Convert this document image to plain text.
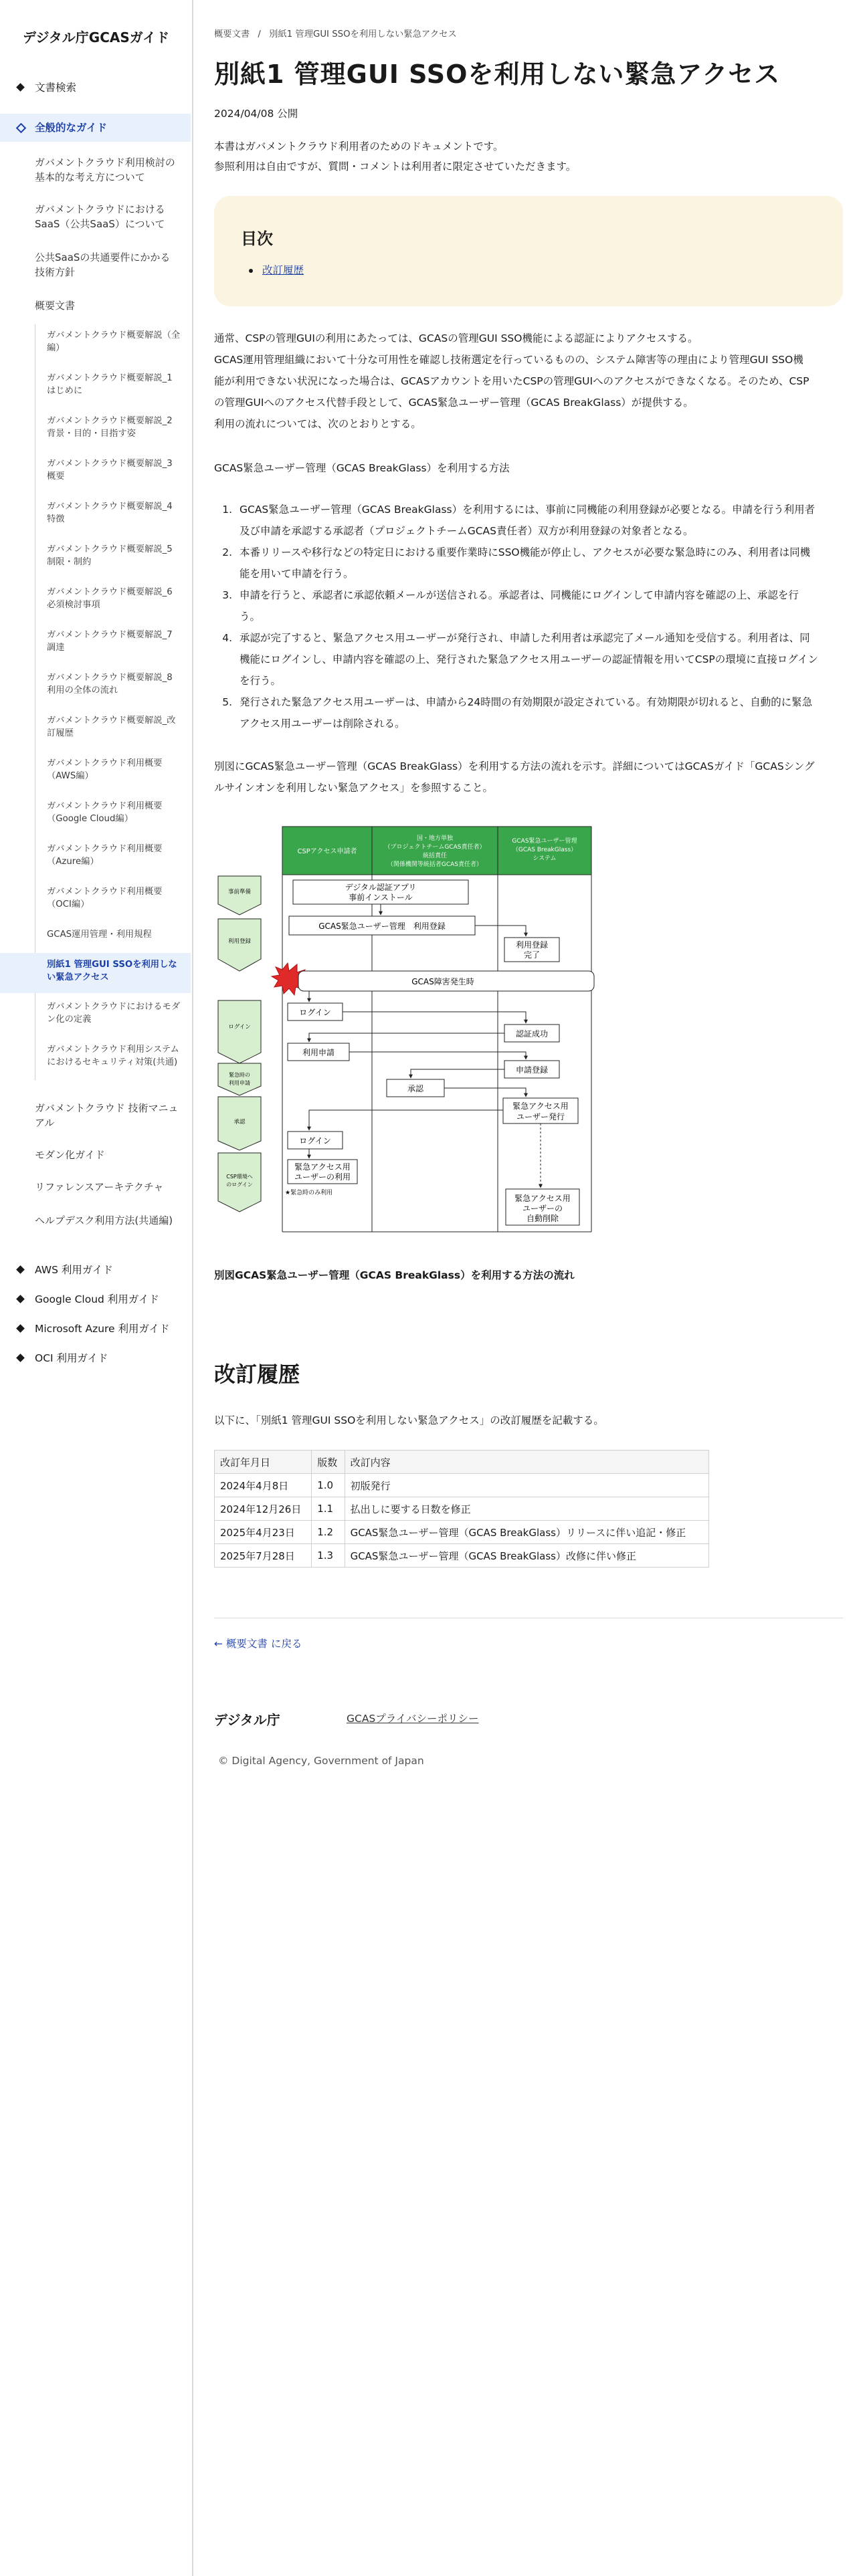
デジタル庁GCASガイド
文書検索
全般的なガイド
ガバメントクラウド利用検討の基本的な考え方について
ガバメントクラウドにおけるSaaS（公共SaaS）について
公共SaaSの共通要件にかかる技術方針
概要文書
ガバメントクラウド概要解説（全編）
ガバメントクラウド概要解説_1 はじめに
ガバメントクラウド概要解説_2 背景・目的・目指す姿
ガバメントクラウド概要解説_3 概要
ガバメントクラウド概要解説_4 特徴
ガバメントクラウド概要解説_5 制限・制約
ガバメントクラウド概要解説_6 必須検討事項
ガバメントクラウド概要解説_7 調達
ガバメントクラウド概要解説_8 利用の全体の流れ
ガバメントクラウド概要解説_改訂履歴
ガバメントクラウド利用概要（AWS編）
ガバメントクラウド利用概要（Google Cloud編）
ガバメントクラウド利用概要（Azure編）
ガバメントクラウド利用概要（OCI編）
GCAS運用管理・利用規程
別紙1 管理GUI SSOを利用しない緊急アクセス
ガバメントクラウドにおけるモダン化の定義
ガバメントクラウド利用システムにおけるセキュリティ対策(共通)
ガバメントクラウド 技術マニュアル
モダン化ガイド
リファレンスアーキテクチャ
ヘルプデスク利用方法(共通編)
AWS 利用ガイド
Google Cloud 利用ガイド
Microsoft Azure 利用ガイド
OCI 利用ガイド
概要文書 / 別紙1 管理GUI SSOを利用しない緊急アクセス
別紙1 管理GUI SSOを利用しない緊急アクセス
2024/04/08 公開
本書はガバメントクラウド利用者のためのドキュメントです。
参照利用は自由ですが、質問・コメントは利用者に限定させていただきます。
目次
改訂履歴

通常、CSPの管理GUIの利用にあたっては、GCASの管理GUI SSO機能による認証によりアクセスする。

GCAS運用管理組織において十分な可用性を確認し技術選定を行っているものの、システム障害等の理由により管理GUI SSO機

能が利用できない状況になった場合は、GCASアカウントを用いたCSPの管理GUIへのアクセスができなくなる。そのため、CSP

の管理GUIへのアクセス代替手段として、GCAS緊急ユーザー管理（GCAS BreakGlass）が提供する。

利用の流れについては、次のとおりとする。

GCAS緊急ユーザー管理（GCAS BreakGlass）を利用する方法
1. GCAS緊急ユーザー管理（GCAS BreakGlass）を利用するには、事前に同機能の利用登録が必要となる。申請を行う利用者
及び申請を承認する承認者（プロジェクトチームGCAS責任者）双方が利用登録の対象者となる。
2. 本番リリースや移行などの特定日における重要作業時にSSO機能が停止し、アクセスが必要な緊急時にのみ、利用者は同機
能を用いて申請を行う。
3. 申請を行うと、承認者に承認依頼メールが送信される。承認者は、同機能にログインして申請内容を確認の上、承認を行
う。
4. 承認が完了すると、緊急アクセス用ユーザーが発行され、申請した利用者は承認完了メール通知を受信する。利用者は、同
機能にログインし、申請内容を確認の上、発行された緊急アクセス用ユーザーの認証情報を用いてCSPの環境に直接ログイン
を行う。
5. 発行された緊急アクセス用ユーザーは、申請から24時間の有効期限が設定されている。有効期限が切れると、自動的に緊急
アクセス用ユーザーは削除される。

別図にGCAS緊急ユーザー管理（GCAS BreakGlass）を利用する方法の流れを示す。詳細についてはGCASガイド「GCASシング

ルサインオンを利用しない緊急アクセス」を参照すること。

CSPアクセス申請者
国・地方単独
（プロジェクトチームGCAS責任者）
統括責任
（関係機関等統括者GCAS責任者）
GCAS緊急ユーザー管理
（GCAS BreakGlass）
システム
事前準備
利用登録
ログイン
緊急時の
利用申請
承認
CSP環境へ
のログイン
デジタル認証アプリ
事前インストール
GCAS緊急ユーザー管理　利用登録
利用登録
完了
GCAS障害発生時
ログイン
認証成功
利用申請
申請登録
承認
緊急アクセス用
ユーザー発行
ログイン
緊急アクセス用
ユーザーの利用
★緊急時のみ利用
緊急アクセス用
ユーザーの
自動削除
別図GCAS緊急ユーザー管理（GCAS BreakGlass）を利用する方法の流れ
改訂履歴
以下に、「別紙1 管理GUI SSOを利用しない緊急アクセス」の改訂履歴を記載する。
改訂年月日	版数	改訂内容
2024年4月8日	1.0	初版発行
2024年12月26日	1.1	払出しに要する日数を修正
2025年4月23日	1.2	GCAS緊急ユーザー管理（GCAS BreakGlass）リリースに伴い追記・修正
2025年7月28日	1.3	GCAS緊急ユーザー管理（GCAS BreakGlass）改修に伴い修正
← 概要文書 に戻る
デジタル庁	GCASプライバシーポリシー
© Digital Agency, Government of Japan
